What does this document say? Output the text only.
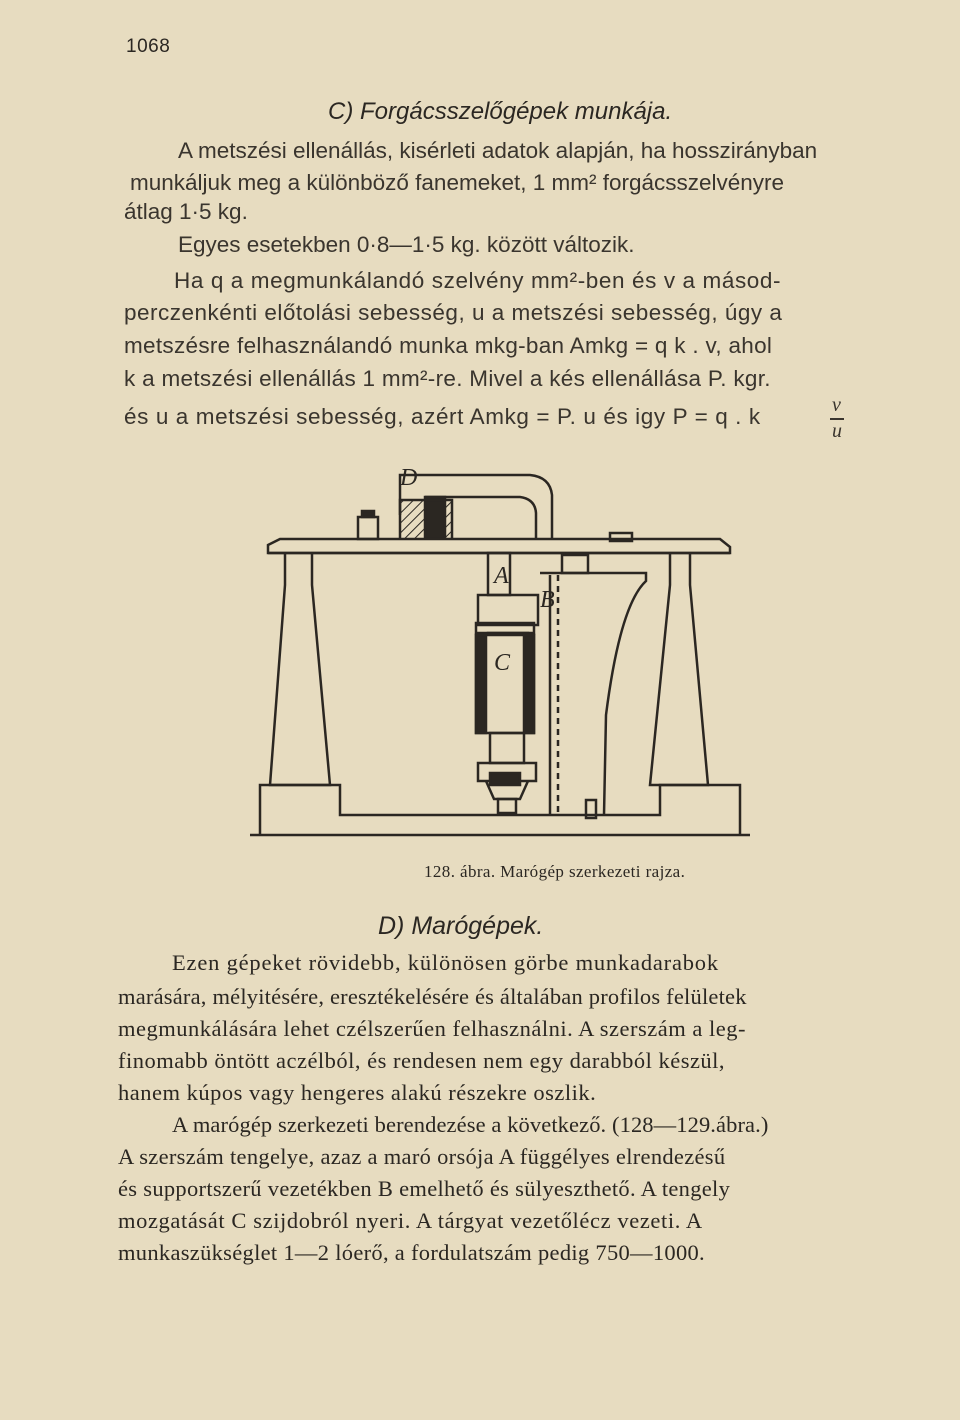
1068
C) Forgácsszelőgépek munkája.
A metszési ellenállás, kisérleti adatok alapján, ha hosszirányban
munkáljuk meg a különböző fanemeket, 1 mm² forgácsszelvényre
átlag 1·5 kg.
Egyes esetekben 0·8—1·5 kg. között változik.
Ha q a megmunkálandó szelvény mm²-ben és v a másod-
perczenkénti előtolási sebesség, u a metszési sebesség, úgy a
metszésre felhasználandó munka mkg-ban Amkg = q k . v, ahol
k a metszési ellenállás 1 mm²-re. Mivel a kés ellenállása P. kgr.
és u a metszési sebesség, azért Amkg = P. u és igy P = q . k	v
u
D
A
B
C
128. ábra. Marógép szerkezeti rajza.
D) Marógépek.
Ezen gépeket rövidebb, különösen görbe munkadarabok
marására, mélyitésére, eresztékelésére és általában profilos felületek
megmunkálására lehet czélszerűen felhasználni. A szerszám a leg-
finomabb öntött aczélból, és rendesen nem egy darabból készül,
hanem kúpos vagy hengeres alakú részekre oszlik.
A marógép szerkezeti berendezése a következő. (128—129.ábra.)
A szerszám tengelye, azaz a maró orsója A függélyes elrendezésű
és supportszerű vezetékben B emelhető és sülyeszthető. A tengely
mozgatását C szijdobról nyeri. A tárgyat vezetőlécz vezeti. A
munkaszükséglet 1—2 lóerő, a fordulatszám pedig 750—1000.
